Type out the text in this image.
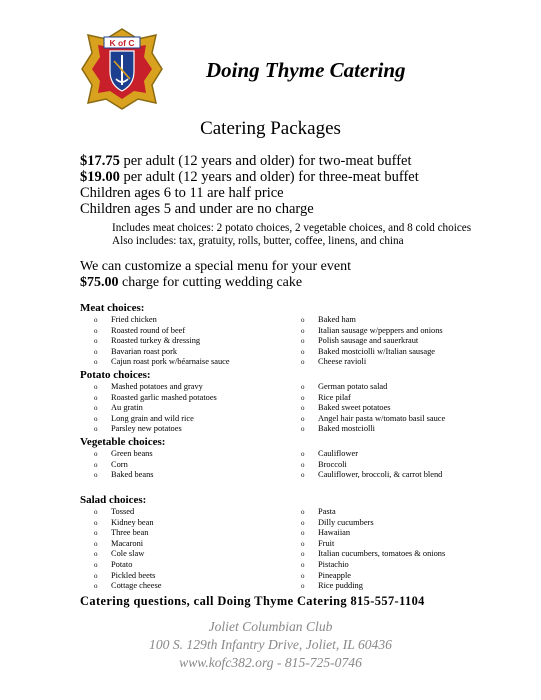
K of C
Doing Thyme Catering
Catering Packages
$17.75 per adult (12 years and older) for two-meat buffet
$19.00 per adult (12 years and older) for three-meat buffet
Children ages 6 to 11 are half price
Children ages 5 and under are no charge
Includes meat choices: 2 potato choices, 2 vegetable choices, and 8 cold choices
Also includes: tax, gratuity, rolls, butter, coffee, linens, and china
We can customize a special menu for your event
$75.00 charge for cutting wedding cake
Meat choices:
o Fried chicken
o Roasted round of beef
o Roasted turkey & dressing
o Bavarian roast pork
o Cajun roast pork w/béarnaise sauce
o Baked ham
o Italian sausage w/peppers and onions
o Polish sausage and sauerkraut
o Baked mostciolli w/Italian sausage
o Cheese ravioli
Potato choices:
o Mashed potatoes and gravy
o Roasted garlic mashed potatoes
o Au gratin
o Long grain and wild rice
o Parsley new potatoes
o German potato salad
o Rice pilaf
o Baked sweet potatoes
o Angel hair pasta w/tomato basil sauce
o Baked mostciolli
Vegetable choices:
o Green beans
o Corn
o Baked beans
o Cauliflower
o Broccoli
o Cauliflower, broccoli, & carrot blend
Salad choices:
o Tossed
o Kidney bean
o Three bean
o Macaroni
o Cole slaw
o Potato
o Pickled beets
o Cottage cheese
o Pasta
o Dilly cucumbers
o Hawaiian
o Fruit
o Italian cucumbers, tomatoes & onions
o Pistachio
o Pineapple
o Rice pudding
Catering questions, call Doing Thyme Catering 815-557-1104
Joliet Columbian Club
100 S. 129th Infantry Drive, Joliet, IL 60436
www.kofc382.org - 815-725-0746
